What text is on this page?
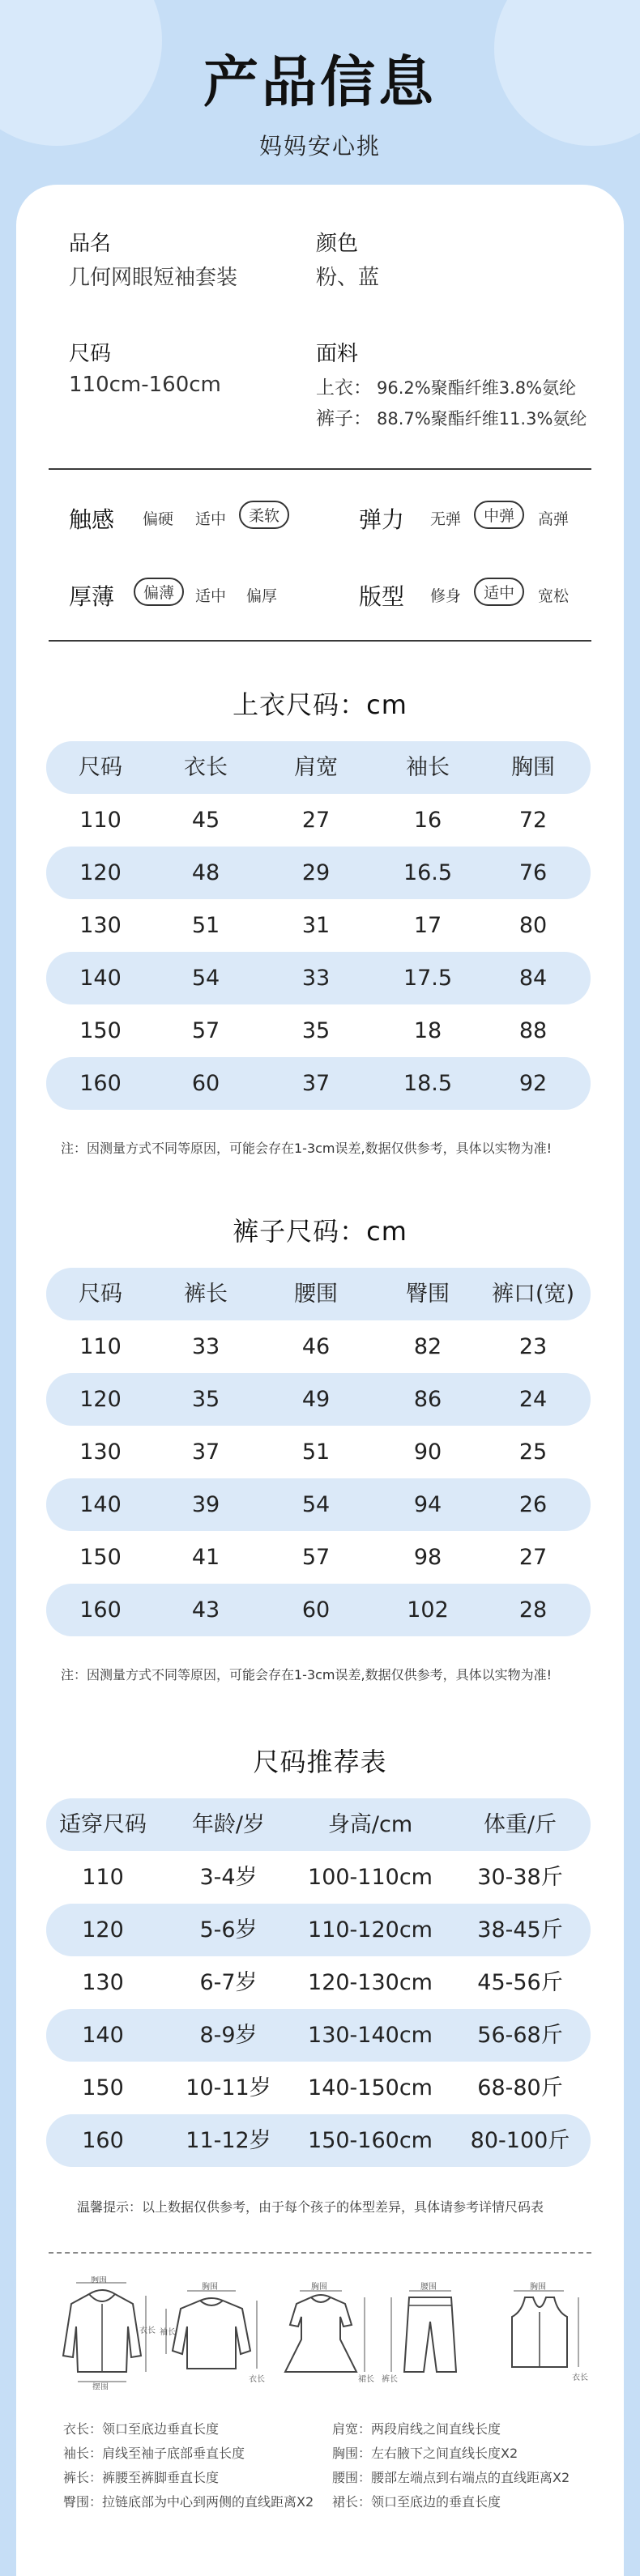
产品信息
妈妈安心挑
品名
几何网眼短袖套装
颜色
粉、蓝
尺码
110cm-160cm
面料
上衣： 96.2%聚酯纤维3.8%氨纶
裤子： 88.7%聚酯纤维11.3%氨纶
触感	偏硬	适中	柔软	弹力	无弹	中弹	高弹
厚薄	偏薄	适中	偏厚	版型	修身	适中	宽松
上衣尺码：cm
尺码	衣长	肩宽	袖长	胸围
110	45	27	16	72
120	48	29	16.5	76
130	51	31	17	80
140	54	33	17.5	84
150	57	35	18	88
160	60	37	18.5	92
注：因测量方式不同等原因，可能会存在1-3cm误差,数据仅供参考，具体以实物为准!
裤子尺码：cm
尺码	裤长	腰围	臀围	裤口(宽)
110	33	46	82	23
120	35	49	86	24
130	37	51	90	25
140	39	54	94	26
150	41	57	98	27
160	43	60	102	28
注：因测量方式不同等原因，可能会存在1-3cm误差,数据仅供参考，具体以实物为准!
尺码推荐表
适穿尺码	年龄/岁	身高/cm	体重/斤
110	3-4岁	100-110cm	30-38斤
120	5-6岁	110-120cm	38-45斤
130	6-7岁	120-130cm	45-56斤
140	8-9岁	130-140cm	56-68斤
150	10-11岁	140-150cm	68-80斤
160	11-12岁	150-160cm	80-100斤
温馨提示：以上数据仅供参考，由于每个孩子的体型差异，具体请参考详情尺码表
胸围
衣长
摆围
胸围
袖长
衣长
胸围
裙长
腰围
裤长
胸围
衣长
衣长：领口至底边垂直长度
袖长：肩线至袖子底部垂直长度
裤长：裤腰至裤脚垂直长度
臀围：拉链底部为中心到两侧的直线距离X2
肩宽：两段肩线之间直线长度
胸围：左右腋下之间直线长度X2
腰围：腰部左端点到右端点的直线距离X2
裙长：领口至底边的垂直长度
